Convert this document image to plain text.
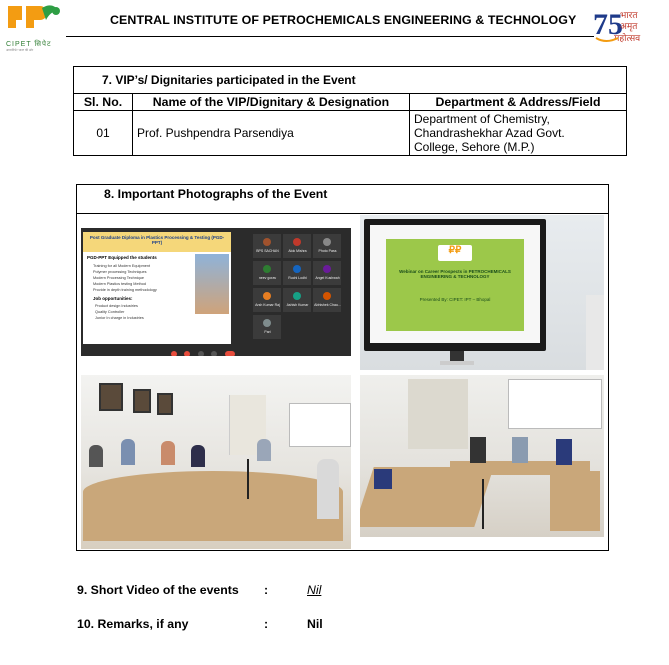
CIPET सिपेट
आत्मनिर्भर भारत की ओर
CENTRAL INSTITUTE OF PETROCHEMICALS ENGINEERING & TECHNOLOGY 75
भारत
अमृत
महोत्सव
7. VIP’s/ Dignitaries participated in the Event		
Sl. No.	Name of the VIP/Dignitary & Designation	Department & Address/Field
01	Prof. Pushpendra Parsendiya	Department of Chemistry,
Chandrashekhar Azad Govt.
College, Sehore (M.P.)
8. Important Photographs of the Event
Post Graduate Diploma in Plastics Processing & Testing (PGD-PPT)
PGD-PPT Equipped the students
Training for all Modern Equipment
Polymer processing Techniques
Modern Processing Technique
Modern Plastics testing Method
Provide in depth training methodology
Job opportunities:
Product design Industries
Quality Controller
Junior In charge in Industries
BPS SACHAN	Alok Mishra	Photo Pass
neev gorav	Ruchi Lodhi	Angel Kushwah
Arsh Kumar Raj	Ashish Kumar	Abhishek Chau...
Pari

₽₽
Webinar on Career Prospects in PETROCHEMICALS ENGINEERING & TECHNOLOGY
Presented By: CIPET: IPT – Bhopal
9. Short Video of the events :	Nil
10. Remarks, if any	:	Nil
